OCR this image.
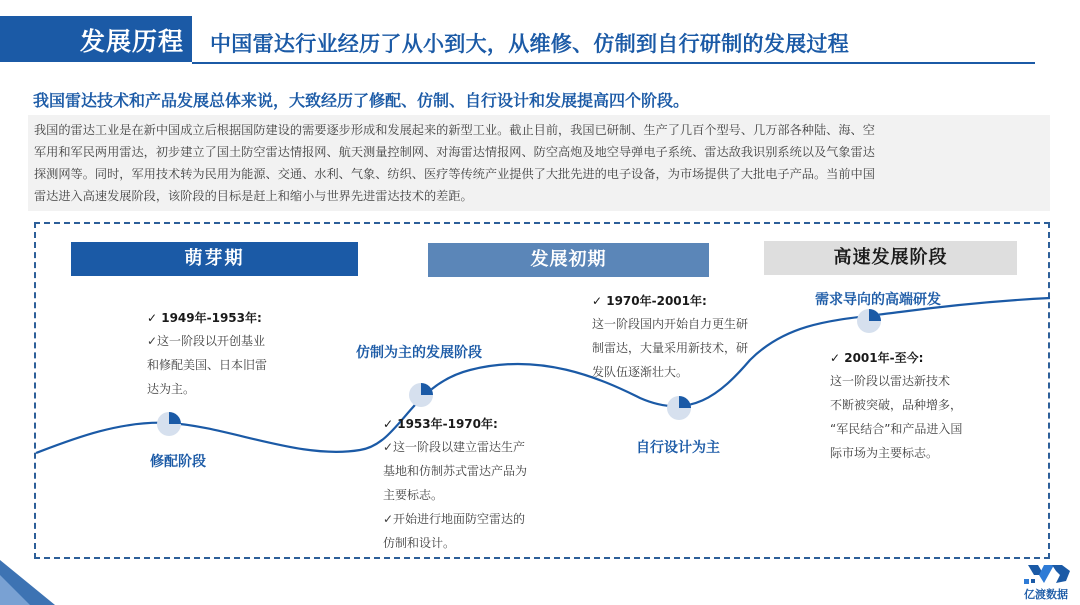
发展历程 中国雷达行业经历了从小到大，从维修、仿制到自行研制的发展过程
我国雷达技术和产品发展总体来说，大致经历了修配、仿制、自行设计和发展提高四个阶段。

我国的雷达工业是在新中国成立后根据国防建设的需要逐步形成和发展起来的新型工业。截止目前，我国已研制、生产了几百个型号、几万部各种陆、海、空

军用和军民两用雷达，初步建立了国土防空雷达情报网、航天测量控制网、对海雷达情报网、防空高炮及地空导弹电子系统、雷达敌我识别系统以及气象雷达

探测网等。同时，军用技术转为民用为能源、交通、水利、气象、纺织、医疗等传统产业提供了大批先进的电子设备，为市场提供了大批电子产品。当前中国

雷达进入高速发展阶段，该阶段的目标是赶上和缩小与世界先进雷达技术的差距。

萌芽期	发展初期	高速发展阶段
修配阶段
仿制为主的发展阶段
自行设计为主
需求导向的高端研发
✓ 1949年-1953年:
✓这一阶段以开创基业
和修配美国、日本旧雷
达为主。
✓ 1953年-1970年:
✓这一阶段以建立雷达生产
基地和仿制苏式雷达产品为
主要标志。
✓开始进行地面防空雷达的
仿制和设计。
✓ 1970年-2001年:
这一阶段国内开始自力更生研
制雷达，大量采用新技术，研
发队伍逐渐壮大。
✓ 2001年-至今:
这一阶段以雷达新技术
不断被突破，品种增多，
“军民结合”和产品进入国
际市场为主要标志。
亿渡数据
